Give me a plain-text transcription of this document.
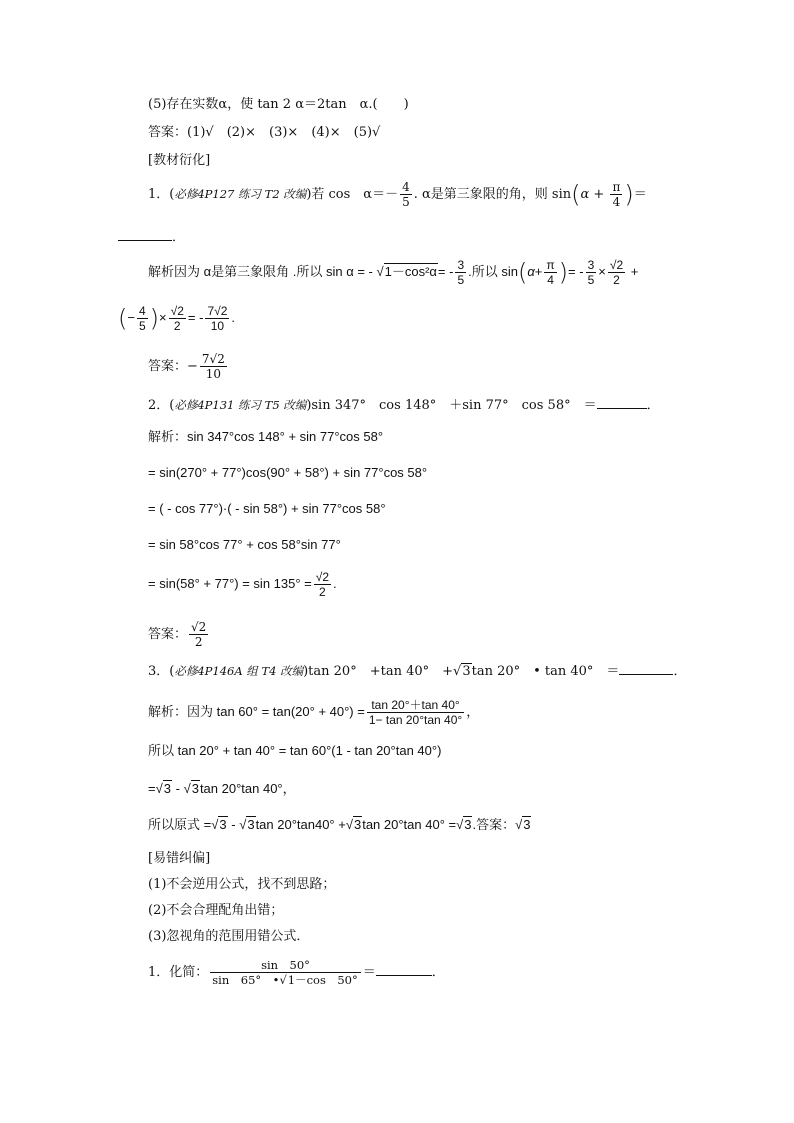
(5)存在实数α，使 tan 2 α＝2tan　α.(　　)
答案：(1)√　(2)×　(3)×　(4)×　(5)√
[教材衍化]
1．(必修4P127 练习 T2 改编)若 cos　$\alpha=- \frac{4}{5}$ . α是第三象限的角，则 $\sin(\alpha + \frac{\pi}{4}$ )＝
．
解析因为 α是第三象限角 .所以 sin α = - $√1-\cos^2\alpha= - \frac{3}{5}$ .所以 $\sin(\alpha+ \frac{\pi}{4}$ )= - $\frac{3}{5} \times \frac{√2}{2}$ +
(− $\frac{4}{5}$ )× $\frac{√2}{2}$ = - $\frac{7√2}{10}$ .
答案：− $\frac{7√2}{10}$
2．(必修4P131 练习 T5 改编)sin 347°　cos 148°　＋sin 77°　cos 58°　＝	．
解析：sin 347°cos 148° + sin 77°cos 58°
= sin(270° + 77°)cos(90° + 58°) + sin 77°cos 58°
= ( - cos 77°)·( - sin 58°) + sin 77°cos 58°
= sin 58°cos 77° + cos 58°sin 77°
= $\sin(58^\circ + 77^\circ) = \sin 135^\circ = \frac{√2}{2}$ .
答案： $\frac{√2}{2}$
3．(必修4P146A 组 T4 改编)tan 20°　+tan 40°　+√3tan 20°　• tan 40°　＝	．
解析：因为 $\tan 60^\circ = \tan(20^\circ + 40^\circ) = \frac{\tan 20^\circ+\tan 40^\circ}{1- \tan 20^\circ\tan 40^\circ}$ ，
所以 tan 20° + tan 40° = tan 60°(1 - tan 20°tan 40°)
=√3 - √3tan 20°tan 40°，
所以原式 =√3 - √3tan 20°tan40° +√3tan 20°tan 40° =√3.答案：√3
[易错纠偏]
(1)不会逆用公式，找不到思路；
(2)不会合理配角出错；
(3)忽视角的范围用错公式．
1．化简： $\frac{\sin 50^\circ}{\sin 65^\circ •√1-\cos 50^\circ}$ ＝	．
